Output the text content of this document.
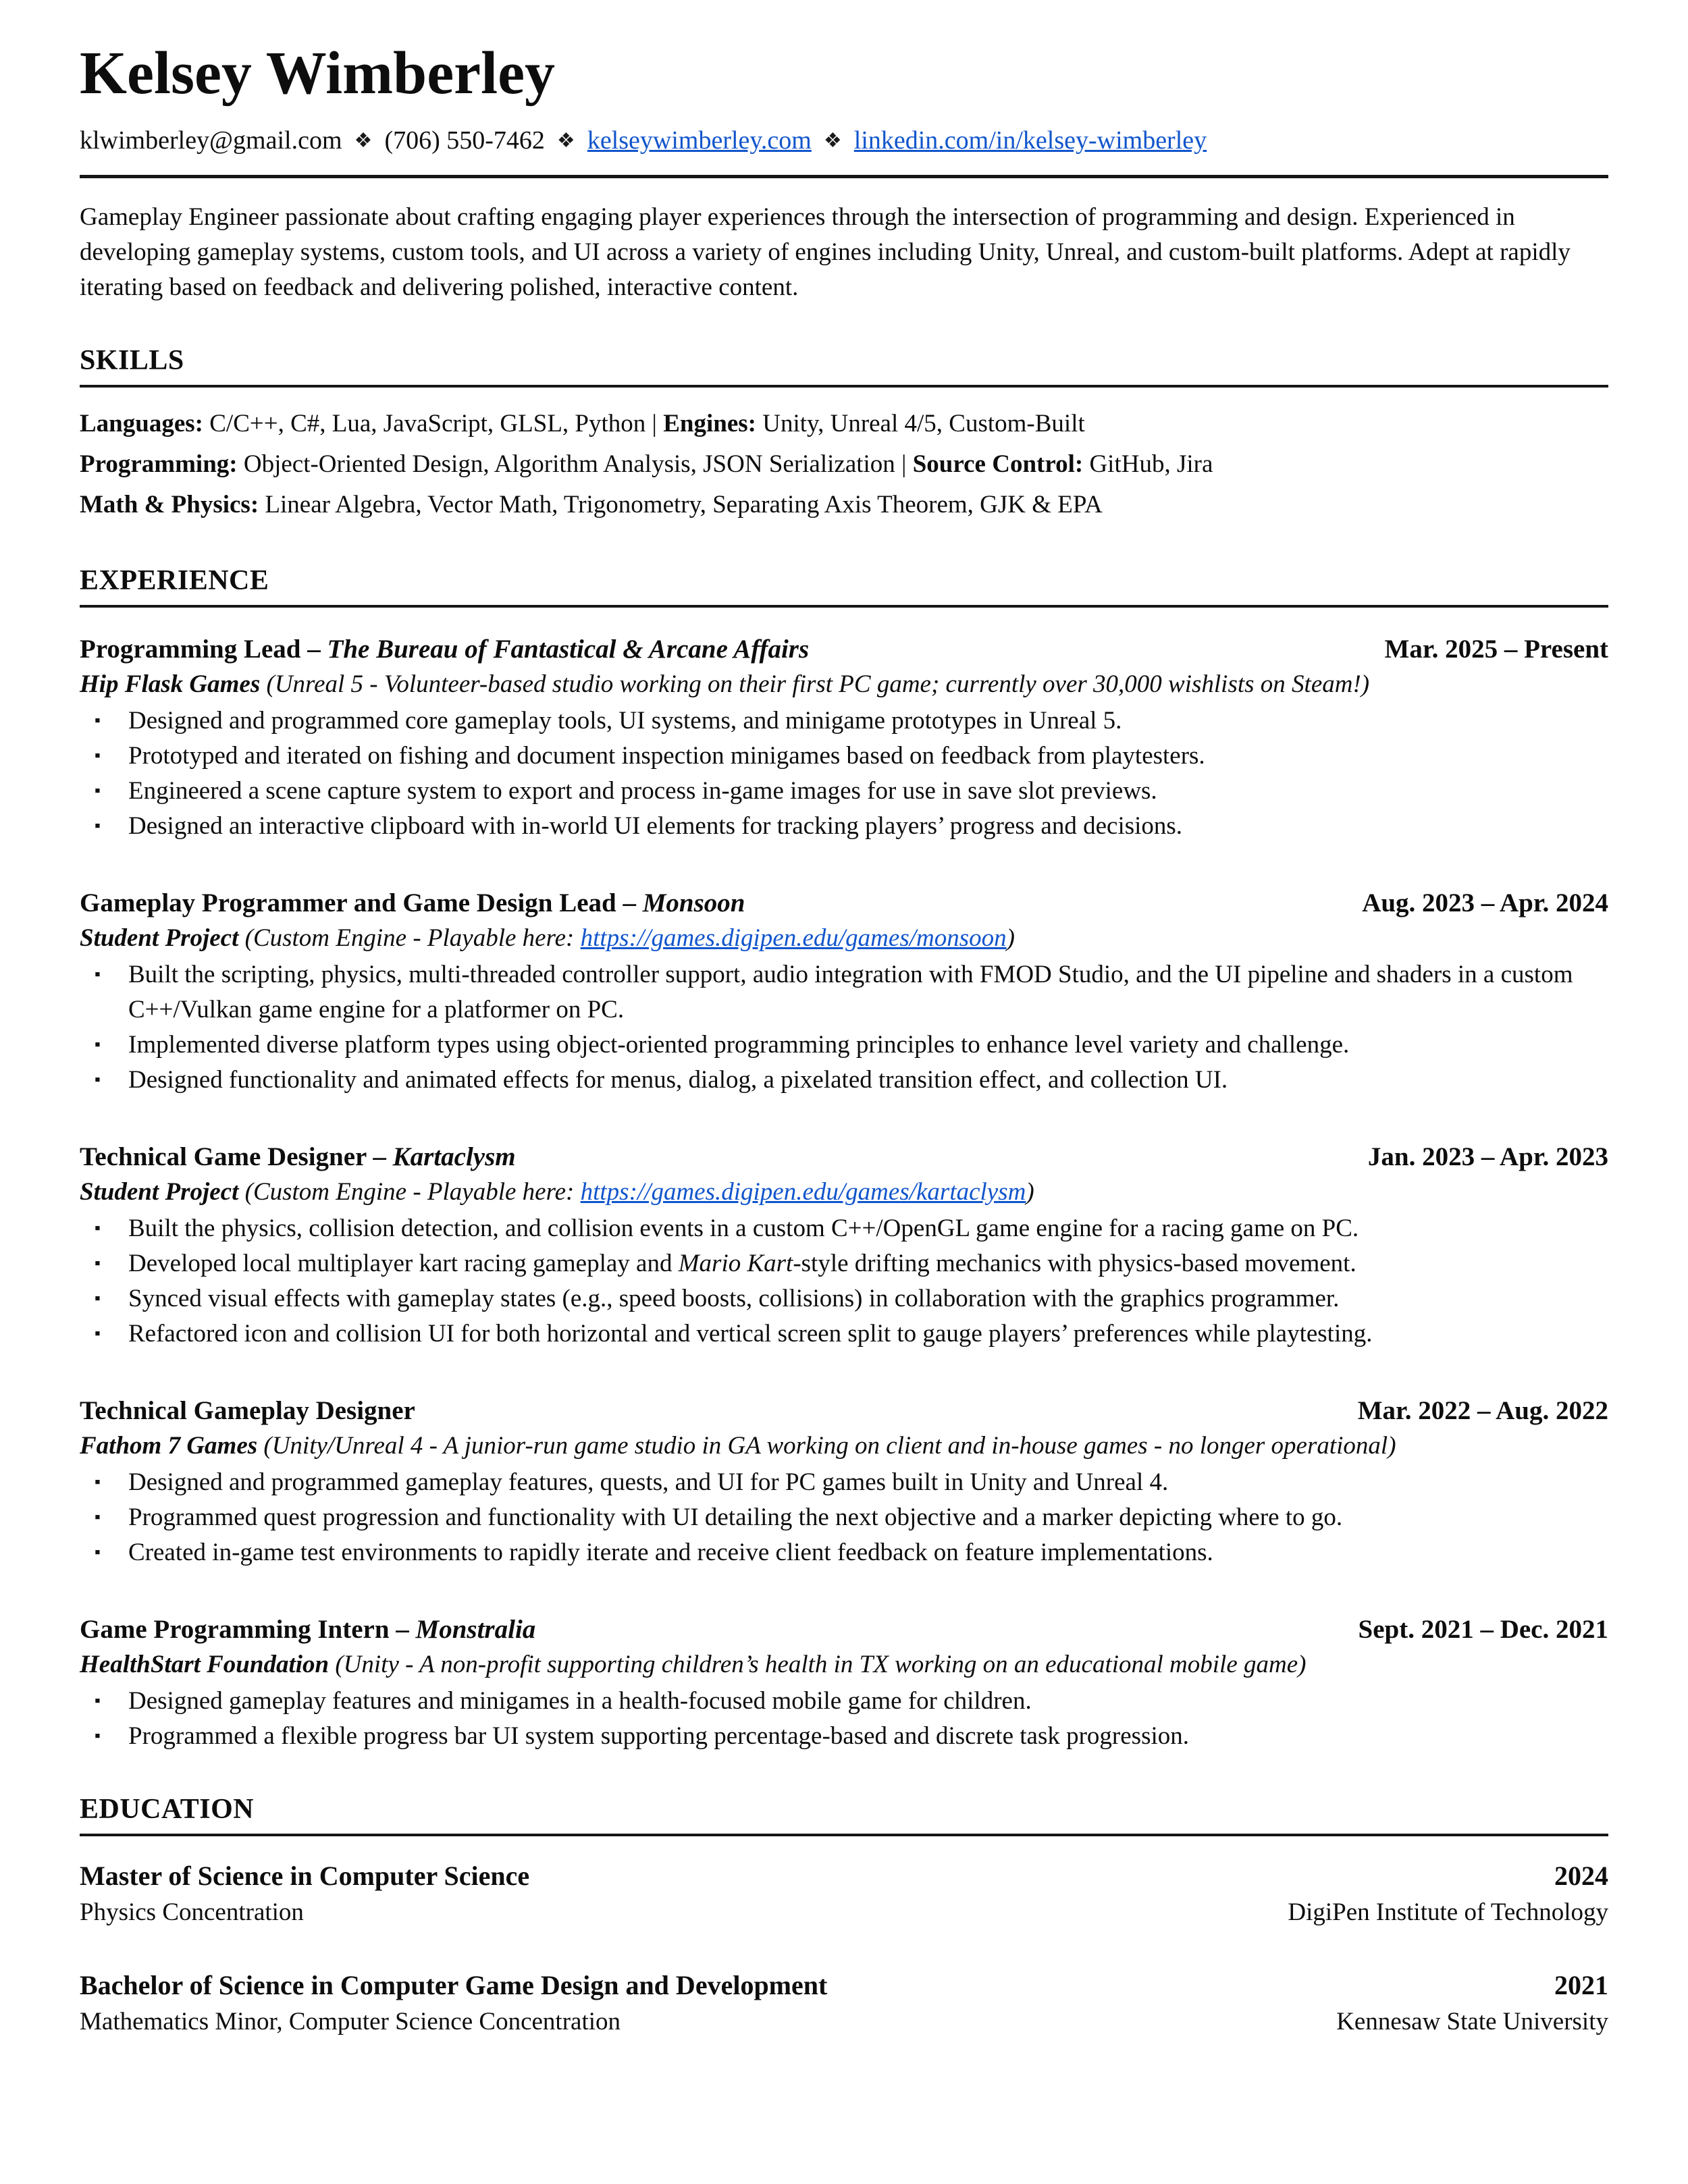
Kelsey Wimberley
klwimberley@gmail.com ❖ (706) 550-7462 ❖ kelseywimberley.com ❖ linkedin.com/in/kelsey-wimberley

Gameplay Engineer passionate about crafting engaging player experiences through the intersection of programming and design. Experienced in developing gameplay systems, custom tools, and UI across a variety of engines including Unity, Unreal, and custom-built platforms. Adept at rapidly iterating based on feedback and delivering polished, interactive content.

SKILLS
Languages: C/C++, C#, Lua, JavaScript, GLSL, Python | Engines: Unity, Unreal 4/5, Custom-Built
Programming: Object-Oriented Design, Algorithm Analysis, JSON Serialization | Source Control: GitHub, Jira
Math & Physics: Linear Algebra, Vector Math, Trigonometry, Separating Axis Theorem, GJK & EPA
EXPERIENCE
Programming Lead – The Bureau of Fantastical & Arcane Affairs	Mar. 2025 – Present

Hip Flask Games (Unreal 5 - Volunteer-based studio working on their first PC game; currently over 30,000 wishlists on Steam!)

▪	Designed and programmed core gameplay tools, UI systems, and minigame prototypes in Unreal 5.
▪	Prototyped and iterated on fishing and document inspection minigames based on feedback from playtesters.
▪	Engineered a scene capture system to export and process in-game images for use in save slot previews.
▪	Designed an interactive clipboard with in-world UI elements for tracking players’ progress and decisions.
Gameplay Programmer and Game Design Lead – Monsoon	Aug. 2023 – Apr. 2024

Student Project (Custom Engine - Playable here: https://games.digipen.edu/games/monsoon)

▪	Built the scripting, physics, multi-threaded controller support, audio integration with FMOD Studio, and the UI pipeline and shaders in a custom C++/Vulkan game engine for a platformer on PC.
▪	Implemented diverse platform types using object-oriented programming principles to enhance level variety and challenge.
▪	Designed functionality and animated effects for menus, dialog, a pixelated transition effect, and collection UI.
Technical Game Designer – Kartaclysm	Jan. 2023 – Apr. 2023

Student Project (Custom Engine - Playable here: https://games.digipen.edu/games/kartaclysm)

▪	Built the physics, collision detection, and collision events in a custom C++/OpenGL game engine for a racing game on PC.
▪	Developed local multiplayer kart racing gameplay and Mario Kart-style drifting mechanics with physics-based movement.
▪	Synced visual effects with gameplay states (e.g., speed boosts, collisions) in collaboration with the graphics programmer.
▪	Refactored icon and collision UI for both horizontal and vertical screen split to gauge players’ preferences while playtesting.
Technical Gameplay Designer	Mar. 2022 – Aug. 2022

Fathom 7 Games (Unity/Unreal 4 - A junior-run game studio in GA working on client and in-house games - no longer operational)

▪	Designed and programmed gameplay features, quests, and UI for PC games built in Unity and Unreal 4.
▪	Programmed quest progression and functionality with UI detailing the next objective and a marker depicting where to go.
▪	Created in-game test environments to rapidly iterate and receive client feedback on feature implementations.
Game Programming Intern – Monstralia	Sept. 2021 – Dec. 2021

HealthStart Foundation (Unity - A non-profit supporting children’s health in TX working on an educational mobile game)

▪	Designed gameplay features and minigames in a health-focused mobile game for children.
▪	Programmed a flexible progress bar UI system supporting percentage-based and discrete task progression.
EDUCATION
Master of Science in Computer Science	2024
Physics Concentration	DigiPen Institute of Technology
Bachelor of Science in Computer Game Design and Development	2021
Mathematics Minor, Computer Science Concentration	Kennesaw State University
